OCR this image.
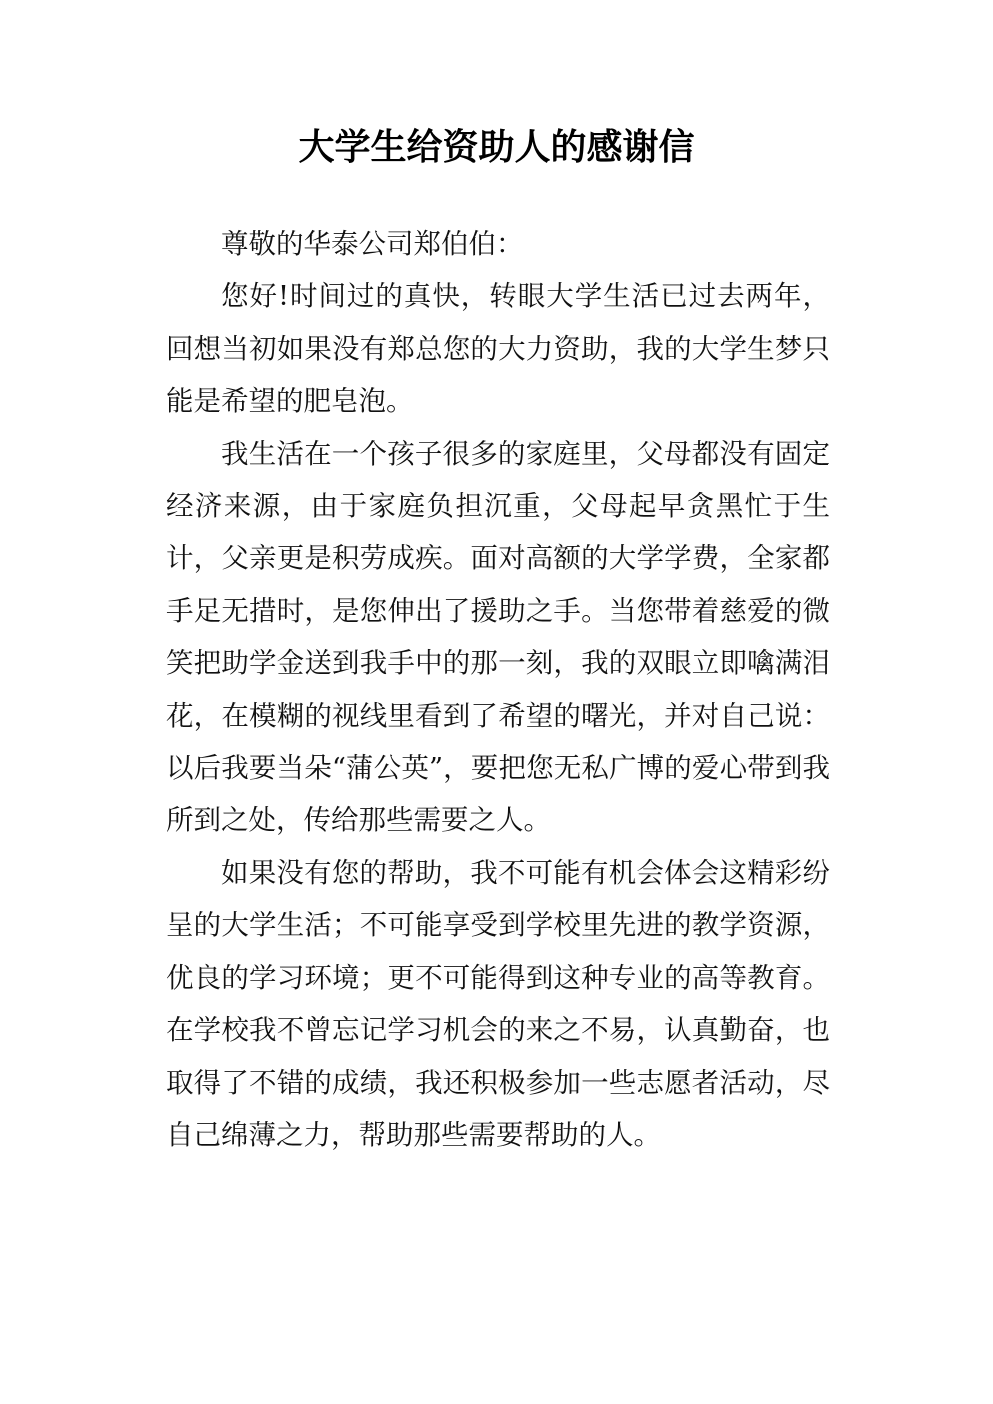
大学生给资助人的感谢信

尊敬的华泰公司郑伯伯：

您好!时间过的真快，转眼大学生活已过去两年，回想当初如果没有郑总您的大力资助，我的大学生梦只能是希望的肥皂泡。

我生活在一个孩子很多的家庭里，父母都没有固定经济来源，由于家庭负担沉重，父母起早贪黑忙于生计，父亲更是积劳成疾。面对高额的大学学费，全家都手足无措时，是您伸出了援助之手。当您带着慈爱的微笑把助学金送到我手中的那一刻，我的双眼立即噙满泪花，在模糊的视线里看到了希望的曙光，并对自己说：以后我要当朵“蒲公英”，要把您无私广博的爱心带到我所到之处，传给那些需要之人。

如果没有您的帮助，我不可能有机会体会这精彩纷呈的大学生活；不可能享受到学校里先进的教学资源，优良的学习环境；更不可能得到这种专业的高等教育。在学校我不曾忘记学习机会的来之不易，认真勤奋，也取得了不错的成绩，我还积极参加一些志愿者活动，尽自己绵薄之力，帮助那些需要帮助的人。
